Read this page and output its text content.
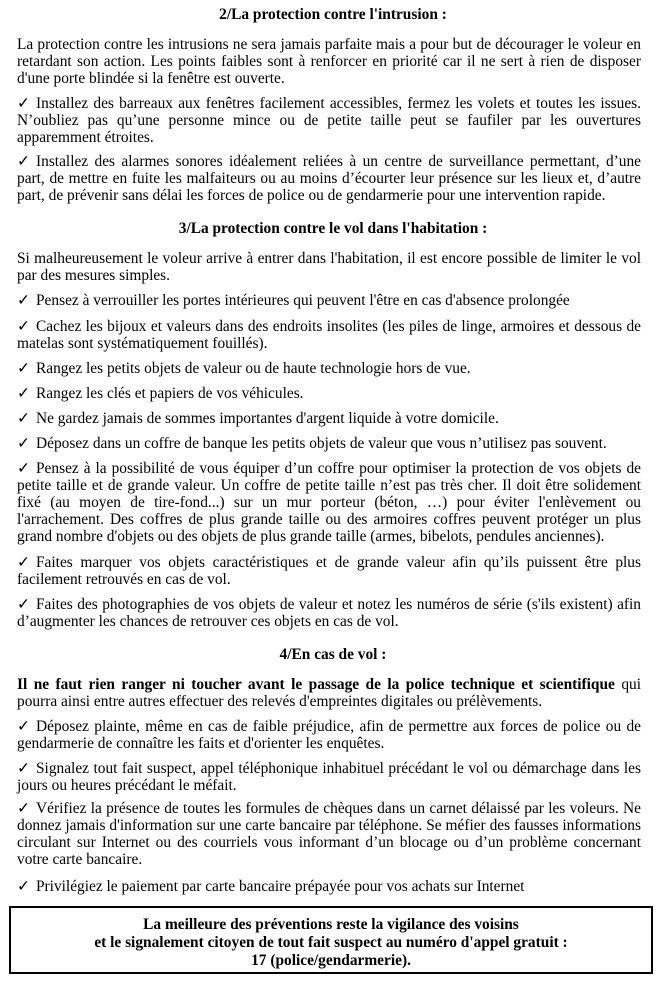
2/La protection contre l'intrusion :

La protection contre les intrusions ne sera jamais parfaite mais a pour but de décourager le voleur en retardant son action. Les points faibles sont à renforcer en priorité car il ne sert à rien de disposer d'une porte blindée si la fenêtre est ouverte.

✓ Installez des barreaux aux fenêtres facilement accessibles, fermez les volets et toutes les issues. N’oubliez pas qu’une personne mince ou de petite taille peut se faufiler par les ouvertures apparemment étroites.

✓ Installez des alarmes sonores idéalement reliées à un centre de surveillance permettant, d’une part, de mettre en fuite les malfaiteurs ou au moins d’écourter leur présence sur les lieux et, d’autre part, de prévenir sans délai les forces de police ou de gendarmerie pour une intervention rapide.

3/La protection contre le vol dans l'habitation :

Si malheureusement le voleur arrive à entrer dans l'habitation, il est encore possible de limiter le vol par des mesures simples.

✓ Pensez à verrouiller les portes intérieures qui peuvent l'être en cas d'absence prolongée

✓ Cachez les bijoux et valeurs dans des endroits insolites (les piles de linge, armoires et dessous de matelas sont systématiquement fouillés).

✓ Rangez les petits objets de valeur ou de haute technologie hors de vue.

✓ Rangez les clés et papiers de vos véhicules.

✓ Ne gardez jamais de sommes importantes d'argent liquide à votre domicile.

✓ Déposez dans un coffre de banque les petits objets de valeur que vous n’utilisez pas souvent.

✓ Pensez à la possibilité de vous équiper d’un coffre pour optimiser la protection de vos objets de petite taille et de grande valeur. Un coffre de petite taille n’est pas très cher. Il doit être solidement fixé (au moyen de tire-fond...) sur un mur porteur (béton, …) pour éviter l'enlèvement ou l'arrachement. Des coffres de plus grande taille ou des armoires coffres peuvent protéger un plus grand nombre d'objets ou des objets de plus grande taille (armes, bibelots, pendules anciennes).

✓ Faites marquer vos objets caractéristiques et de grande valeur afin qu’ils puissent être plus facilement retrouvés en cas de vol.

✓ Faites des photographies de vos objets de valeur et notez les numéros de série (s'ils existent) afin d’augmenter les chances de retrouver ces objets en cas de vol.

4/En cas de vol :

Il ne faut rien ranger ni toucher avant le passage de la police technique et scientifique qui pourra ainsi entre autres effectuer des relevés d'empreintes digitales ou prélèvements.

✓ Déposez plainte, même en cas de faible préjudice, afin de permettre aux forces de police ou de gendarmerie de connaître les faits et d'orienter les enquêtes.

✓ Signalez tout fait suspect, appel téléphonique inhabituel précédant le vol ou démarchage dans les jours ou heures précédant le méfait.

✓ Vérifiez la présence de toutes les formules de chèques dans un carnet délaissé par les voleurs. Ne donnez jamais d'information sur une carte bancaire par téléphone. Se méfier des fausses informations circulant sur Internet ou des courriels vous informant d’un blocage ou d’un problème concernant votre carte bancaire.

✓ Privilégiez le paiement par carte bancaire prépayée pour vos achats sur Internet

La meilleure des préventions reste la vigilance des voisins
et le signalement citoyen de tout fait suspect au numéro d'appel gratuit :
17 (police/gendarmerie).
